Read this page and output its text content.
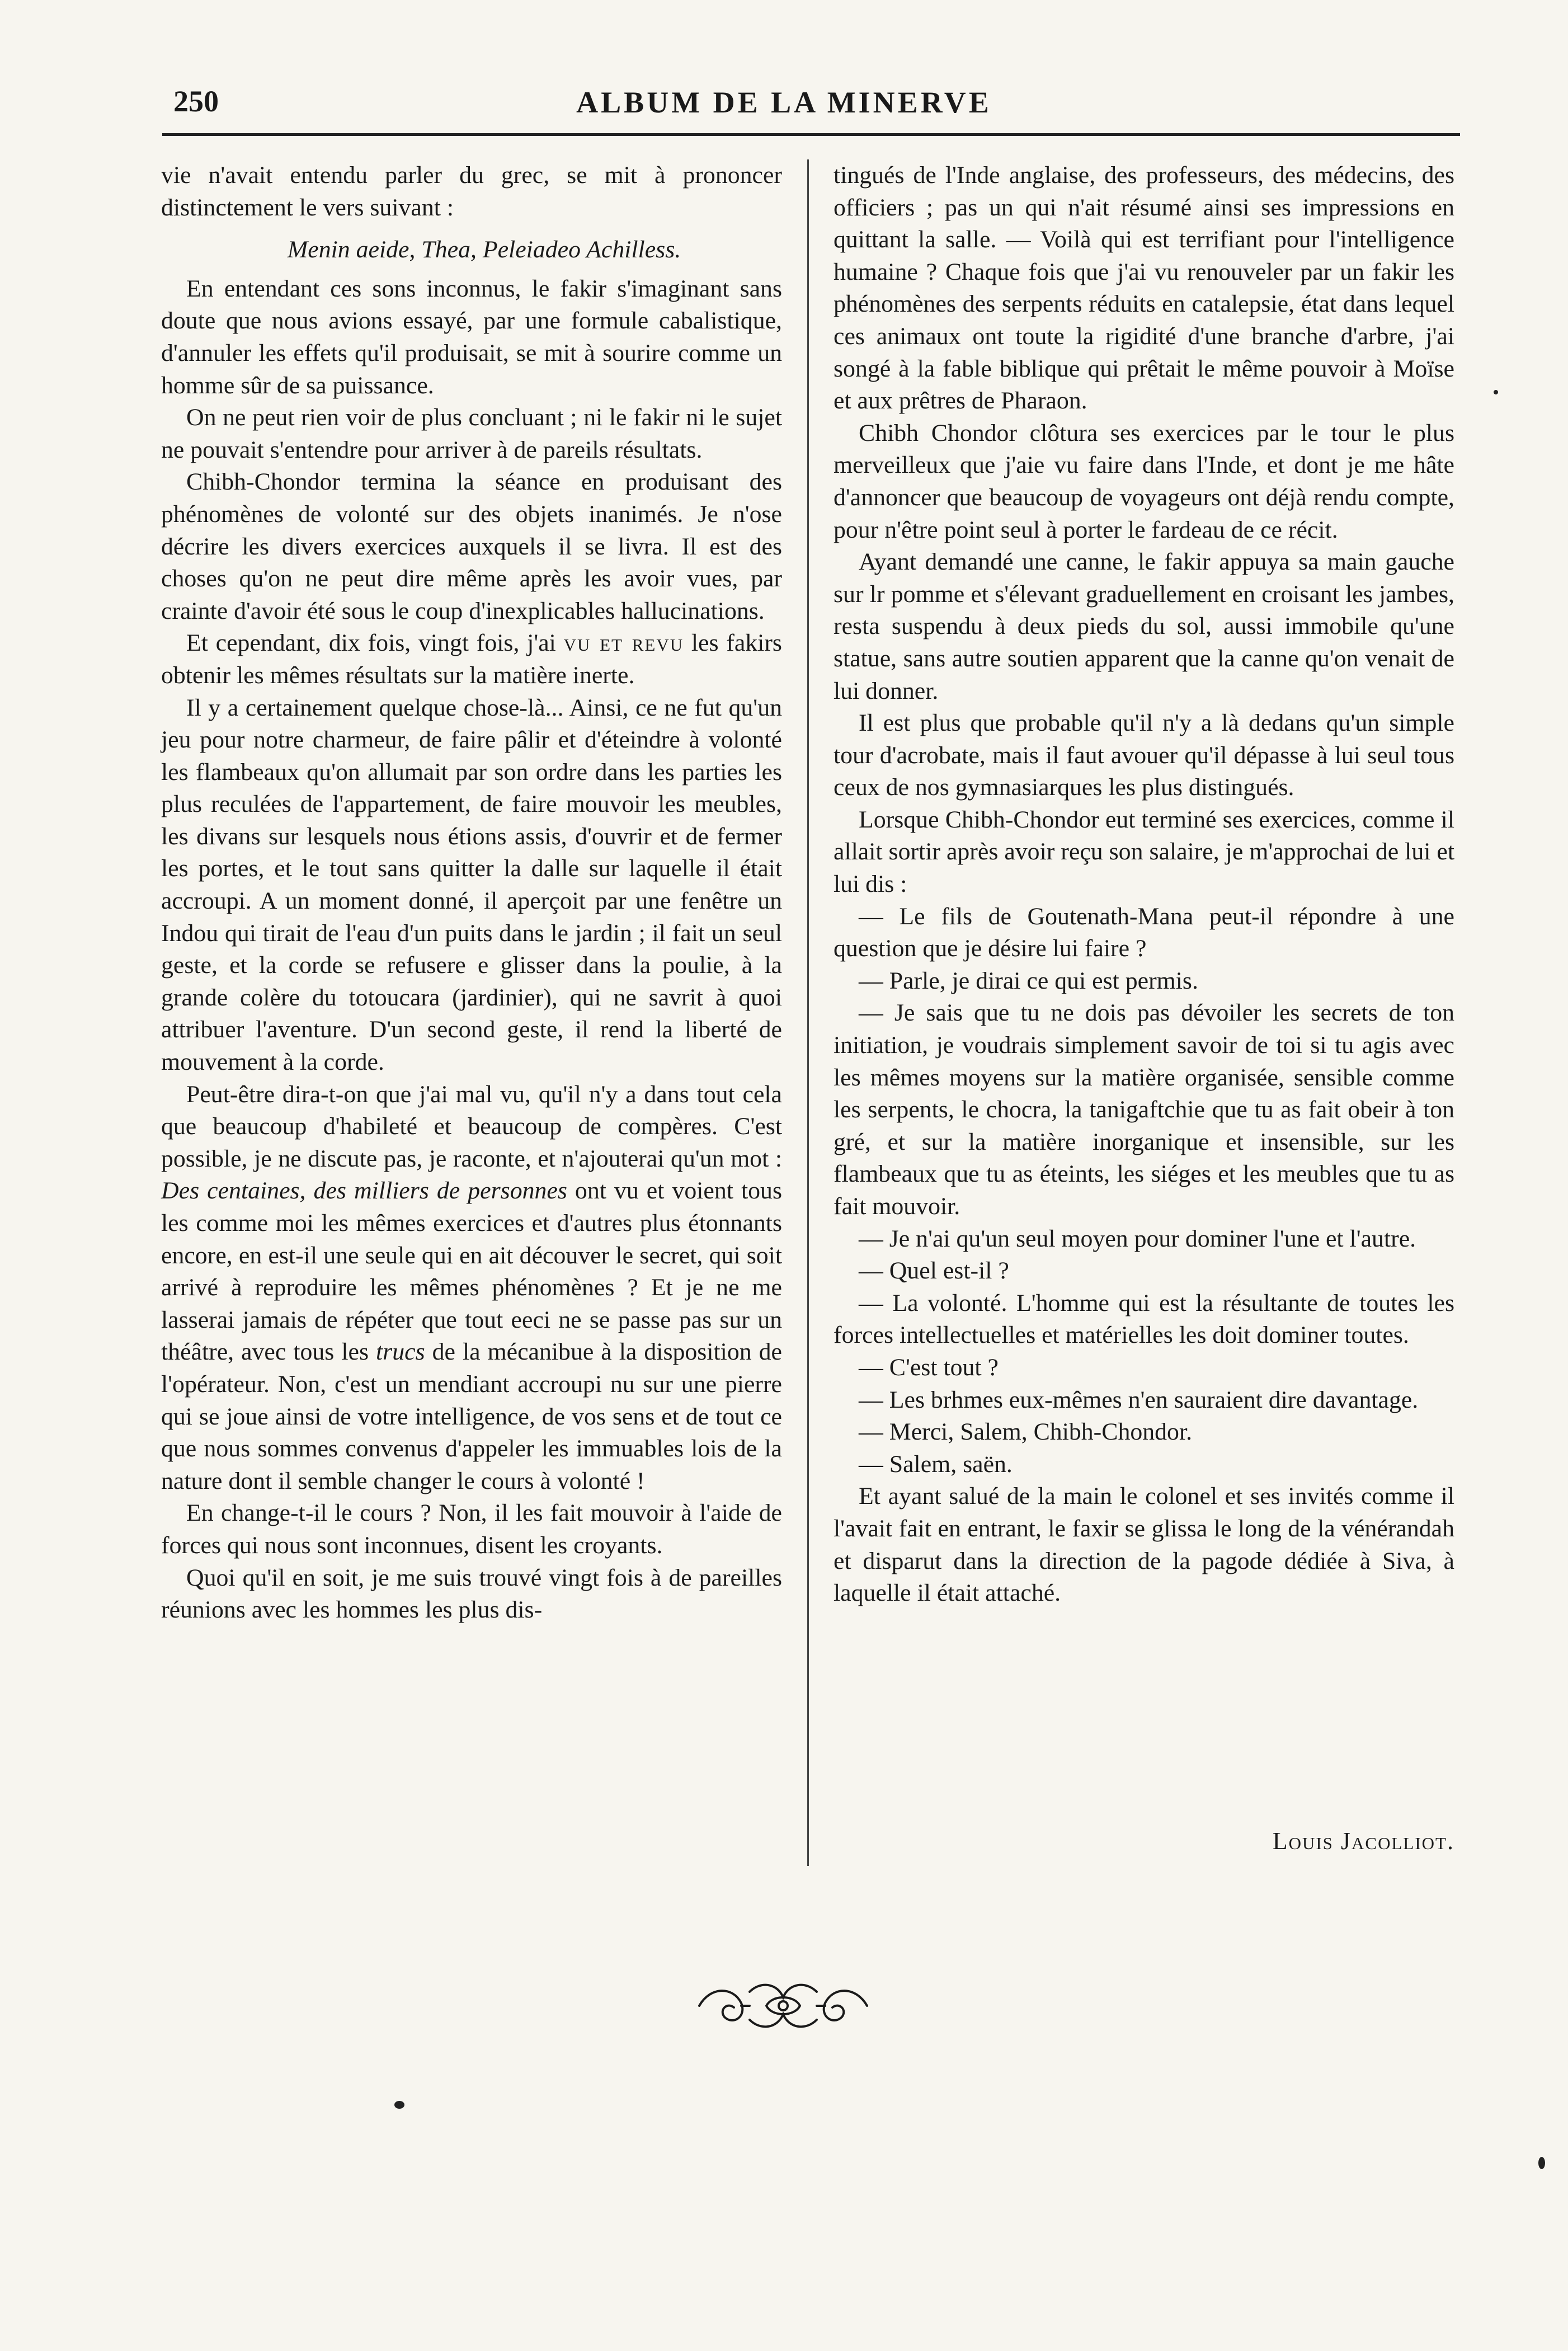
250	ALBUM DE LA MINERVE

vie n'avait entendu parler du grec, se mit à prononcer distinctement le vers suivant :

Menin aeide, Thea, Peleiadeo Achilless.

En entendant ces sons inconnus, le fakir s'imaginant sans doute que nous avions essayé, par une formule cabalistique, d'annuler les effets qu'il produisait, se mit à sourire comme un homme sûr de sa puissance.

On ne peut rien voir de plus concluant ; ni le fakir ni le sujet ne pouvait s'entendre pour arriver à de pareils résultats.

Chibh-Chondor termina la séance en produisant des phénomènes de volonté sur des objets inanimés. Je n'ose décrire les divers exercices auxquels il se livra. Il est des choses qu'on ne peut dire même après les avoir vues, par crainte d'avoir été sous le coup d'inexplicables hallucinations.

Et cependant, dix fois, vingt fois, j'ai vu et revu les fakirs obtenir les mêmes résultats sur la matière inerte.

Il y a certainement quelque chose-là... Ainsi, ce ne fut qu'un jeu pour notre charmeur, de faire pâlir et d'éteindre à volonté les flambeaux qu'on allumait par son ordre dans les parties les plus reculées de l'appartement, de faire mouvoir les meubles, les divans sur lesquels nous étions assis, d'ouvrir et de fermer les portes, et le tout sans quitter la dalle sur laquelle il était accroupi. A un moment donné, il aperçoit par une fenêtre un Indou qui tirait de l'eau d'un puits dans le jardin ; il fait un seul geste, et la corde se refusere e glisser dans la poulie, à la grande colère du totoucara (jardinier), qui ne savrit à quoi attribuer l'aventure. D'un second geste, il rend la liberté de mouvement à la corde.

Peut-être dira-t-on que j'ai mal vu, qu'il n'y a dans tout cela que beaucoup d'habileté et beaucoup de compères. C'est possible, je ne discute pas, je raconte, et n'ajouterai qu'un mot : Des centaines, des milliers de personnes ont vu et voient tous les comme moi les mêmes exercices et d'autres plus étonnants encore, en est-il une seule qui en ait découver le secret, qui soit arrivé à reproduire les mêmes phénomènes ? Et je ne me lasserai jamais de répéter que tout eeci ne se passe pas sur un théâtre, avec tous les trucs de la mécanibue à la disposition de l'opérateur. Non, c'est un mendiant accroupi nu sur une pierre qui se joue ainsi de votre intelligence, de vos sens et de tout ce que nous sommes convenus d'appeler les immuables lois de la nature dont il semble changer le cours à volonté !

En change-t-il le cours ? Non, il les fait mouvoir à l'aide de forces qui nous sont inconnues, disent les croyants.

Quoi qu'il en soit, je me suis trouvé vingt fois à de pareilles réunions avec les hommes les plus dis-

tingués de l'Inde anglaise, des professeurs, des médecins, des officiers ; pas un qui n'ait résumé ainsi ses impressions en quittant la salle. — Voilà qui est terrifiant pour l'intelligence humaine ? Chaque fois que j'ai vu renouveler par un fakir les phénomènes des serpents réduits en catalepsie, état dans lequel ces animaux ont toute la rigidité d'une branche d'arbre, j'ai songé à la fable biblique qui prêtait le même pouvoir à Moïse et aux prêtres de Pharaon.

Chibh Chondor clôtura ses exercices par le tour le plus merveilleux que j'aie vu faire dans l'Inde, et dont je me hâte d'annoncer que beaucoup de voyageurs ont déjà rendu compte, pour n'être point seul à porter le fardeau de ce récit.

Ayant demandé une canne, le fakir appuya sa main gauche sur lr pomme et s'élevant graduellement en croisant les jambes, resta suspendu à deux pieds du sol, aussi immobile qu'une statue, sans autre soutien apparent que la canne qu'on venait de lui donner.

Il est plus que probable qu'il n'y a là dedans qu'un simple tour d'acrobate, mais il faut avouer qu'il dépasse à lui seul tous ceux de nos gymnasiarques les plus distingués.

Lorsque Chibh-Chondor eut terminé ses exercices, comme il allait sortir après avoir reçu son salaire, je m'approchai de lui et lui dis :

— Le fils de Goutenath-Mana peut-il répondre à une question que je désire lui faire ?

— Parle, je dirai ce qui est permis.

— Je sais que tu ne dois pas dévoiler les secrets de ton initiation, je voudrais simplement savoir de toi si tu agis avec les mêmes moyens sur la matière organisée, sensible comme les serpents, le chocra, la tanigaftchie que tu as fait obeir à ton gré, et sur la matière inorganique et insensible, sur les flambeaux que tu as éteints, les siéges et les meubles que tu as fait mouvoir.

— Je n'ai qu'un seul moyen pour dominer l'une et l'autre.

— Quel est-il ?

— La volonté. L'homme qui est la résultante de toutes les forces intellectuelles et matérielles les doit dominer toutes.

— C'est tout ?

— Les brhmes eux-mêmes n'en sauraient dire davantage.

— Merci, Salem, Chibh-Chondor.

— Salem, saën.

Et ayant salué de la main le colonel et ses invités comme il l'avait fait en entrant, le faxir se glissa le long de la vénérandah et disparut dans la direction de la pagode dédiée à Siva, à laquelle il était attaché.

Louis Jacolliot.
